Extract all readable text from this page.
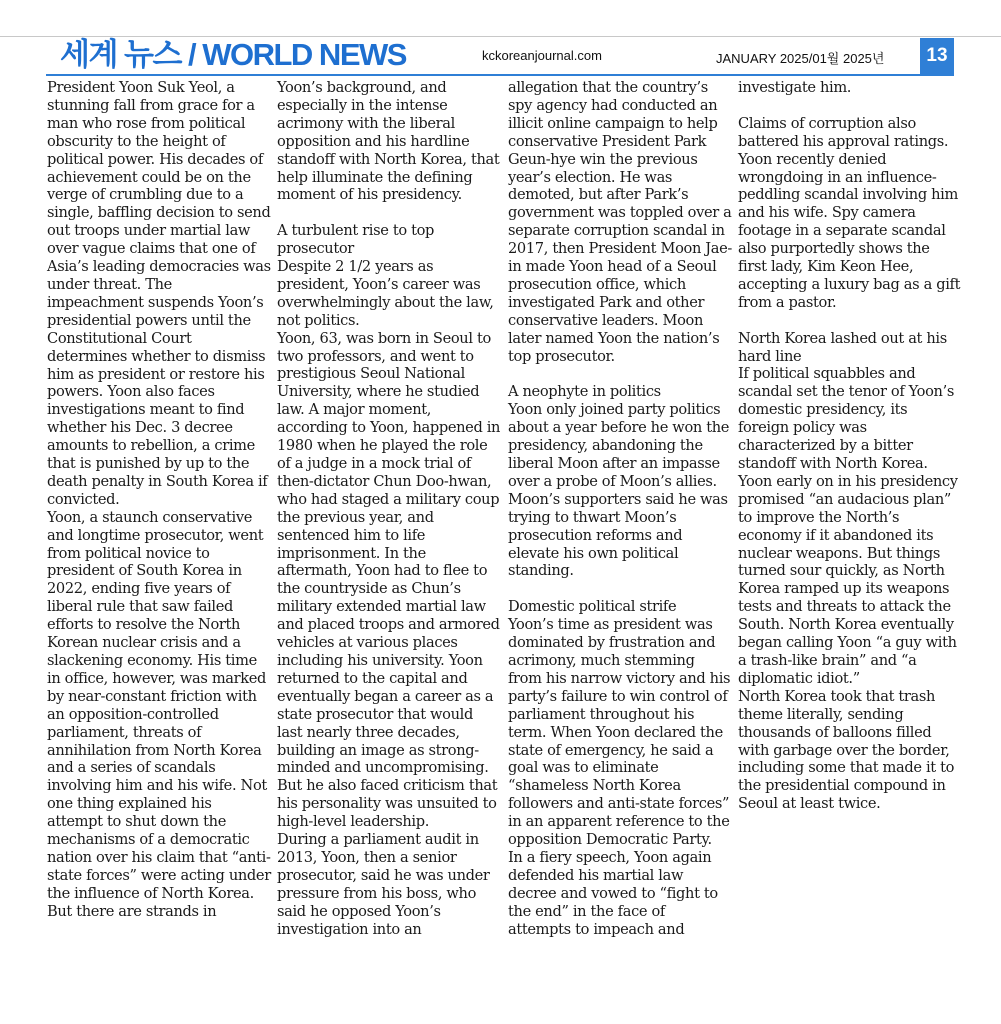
세계 뉴스 / WORLD NEWS	kckoreanjournal.com	JANUARY 2025/01월 2025년	13

President Yoon Suk Yeol, a stunning fall from grace for a man who rose from political obscurity to the height of political power. His decades of achievement could be on the verge of crumbling due to a single, baffling decision to send out troops under martial law over vague claims that one of Asia’s leading democracies was under threat. The impeachment suspends Yoon’s presidential powers until the Constitutional Court determines whether to dismiss him as president or restore his powers. Yoon also faces investigations meant to find whether his Dec. 3 decree amounts to rebellion, a crime that is punished by up to the death penalty in South Korea if convicted.

Yoon, a staunch conservative and longtime prosecutor, went from political novice to president of South Korea in 2022, ending five years of liberal rule that saw failed efforts to resolve the North Korean nuclear crisis and a slackening economy. His time in office, however, was marked by near-constant friction with an opposition-controlled parliament, threats of annihilation from North Korea and a series of scandals involving him and his wife. Not one thing explained his attempt to shut down the mechanisms of a democratic nation over his claim that “anti-state forces” were acting under the influence of North Korea.

But there are strands in

Yoon’s background, and especially in the intense acrimony with the liberal opposition and his hardline standoff with North Korea, that help illuminate the defining moment of his presidency.

A turbulent rise to top prosecutor

Despite 2 1/2 years as president, Yoon’s career was overwhelmingly about the law, not politics.

Yoon, 63, was born in Seoul to two professors, and went to prestigious Seoul National University, where he studied law. A major moment, according to Yoon, happened in 1980 when he played the role of a judge in a mock trial of then-dictator Chun Doo-hwan, who had staged a military coup the previous year, and sentenced him to life imprisonment. In the aftermath, Yoon had to flee to the countryside as Chun’s military extended martial law and placed troops and armored vehicles at various places including his university. Yoon returned to the capital and eventually began a career as a state prosecutor that would last nearly three decades, building an image as strong-minded and uncompromising. But he also faced criticism that his personality was unsuited to high-level leadership.

During a parliament audit in 2013, Yoon, then a senior prosecutor, said he was under pressure from his boss, who said he opposed Yoon’s investigation into an

allegation that the country’s spy agency had conducted an illicit online campaign to help conservative President Park Geun-hye win the previous year’s election. He was demoted, but after Park’s government was toppled over a separate corruption scandal in 2017, then President Moon Jae-in made Yoon head of a Seoul prosecution office, which investigated Park and other conservative leaders. Moon later named Yoon the nation’s top prosecutor.

A neophyte in politics

Yoon only joined party politics about a year before he won the presidency, abandoning the liberal Moon after an impasse over a probe of Moon’s allies. Moon’s supporters said he was trying to thwart Moon’s prosecution reforms and elevate his own political standing.

Domestic political strife

Yoon’s time as president was dominated by frustration and acrimony, much stemming from his narrow victory and his party’s failure to win control of parliament throughout his term. When Yoon declared the state of emergency, he said a goal was to eliminate “shameless North Korea followers and anti-state forces” in an apparent reference to the opposition Democratic Party.

In a fiery speech, Yoon again defended his martial law decree and vowed to “fight to the end” in the face of attempts to impeach and

investigate him.

Claims of corruption also battered his approval ratings.

Yoon recently denied wrongdoing in an influence-peddling scandal involving him and his wife. Spy camera footage in a separate scandal also purportedly shows the first lady, Kim Keon Hee, accepting a luxury bag as a gift from a pastor.

North Korea lashed out at his hard line

If political squabbles and scandal set the tenor of Yoon’s domestic presidency, its foreign policy was characterized by a bitter standoff with North Korea. Yoon early on in his presidency promised “an audacious plan” to improve the North’s economy if it abandoned its nuclear weapons. But things turned sour quickly, as North Korea ramped up its weapons tests and threats to attack the South. North Korea eventually began calling Yoon “a guy with a trash-like brain” and “a diplomatic idiot.”

North Korea took that trash theme literally, sending thousands of balloons filled with garbage over the border, including some that made it to the presidential compound in Seoul at least twice.
